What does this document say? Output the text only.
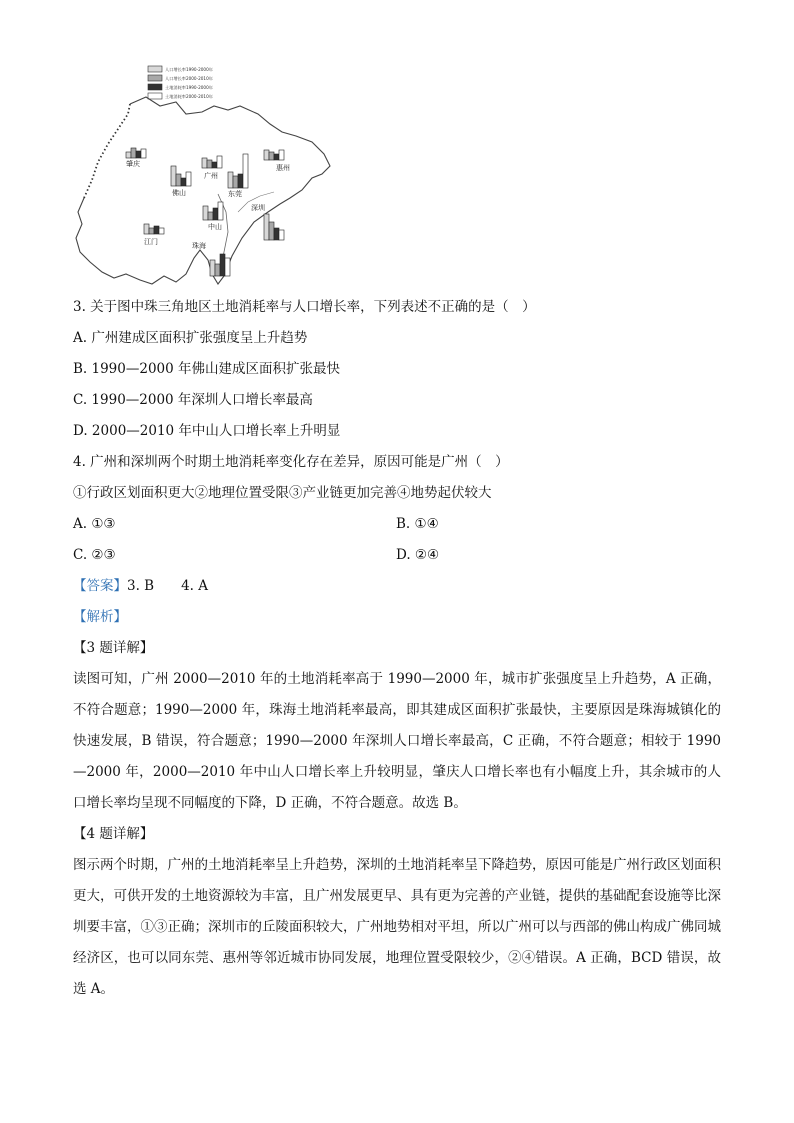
人口增长率1990-2000年
人口增长率2000-2010年
土地消耗率1990-2000年
土地消耗率2000-2010年
肇庆
佛山
广州
东莞
惠州
深圳
中山
江门	珠海
3. 关于图中珠三角地区土地消耗率与人口增长率，下列表述不正确的是（　）
A. 广州建成区面积扩张强度呈上升趋势
B. 1990—2000 年佛山建成区面积扩张最快
C. 1990—2000 年深圳人口增长率最高
D. 2000—2010 年中山人口增长率上升明显
4. 广州和深圳两个时期土地消耗率变化存在差异，原因可能是广州（　）
①行政区划面积更大②地理位置受限③产业链更加完善④地势起伏较大
A. ①③	B. ①④
C. ②③	D. ②④
【答案】3. B　　4. A
【解析】
【3 题详解】
读图可知，广州 2000—2010 年的土地消耗率高于 1990—2000 年，城市扩张强度呈上升趋势，A 正确，不符合题意；1990—2000 年，珠海土地消耗率最高，即其建成区面积扩张最快，主要原因是珠海城镇化的快速发展，B 错误，符合题意；1990—2000 年深圳人口增长率最高，C 正确，不符合题意；相较于 1990—2000 年，2000—2010 年中山人口增长率上升较明显，肇庆人口增长率也有小幅度上升，其余城市的人口增长率均呈现不同幅度的下降，D 正确，不符合题意。故选 B。
【4 题详解】
图示两个时期，广州的土地消耗率呈上升趋势，深圳的土地消耗率呈下降趋势，原因可能是广州行政区划面积更大，可供开发的土地资源较为丰富，且广州发展更早、具有更为完善的产业链，提供的基础配套设施等比深圳要丰富，①③正确；深圳市的丘陵面积较大，广州地势相对平坦，所以广州可以与西部的佛山构成广佛同城经济区，也可以同东莞、惠州等邻近城市协同发展，地理位置受限较少，②④错误。A 正确，BCD 错误，故选 A。
